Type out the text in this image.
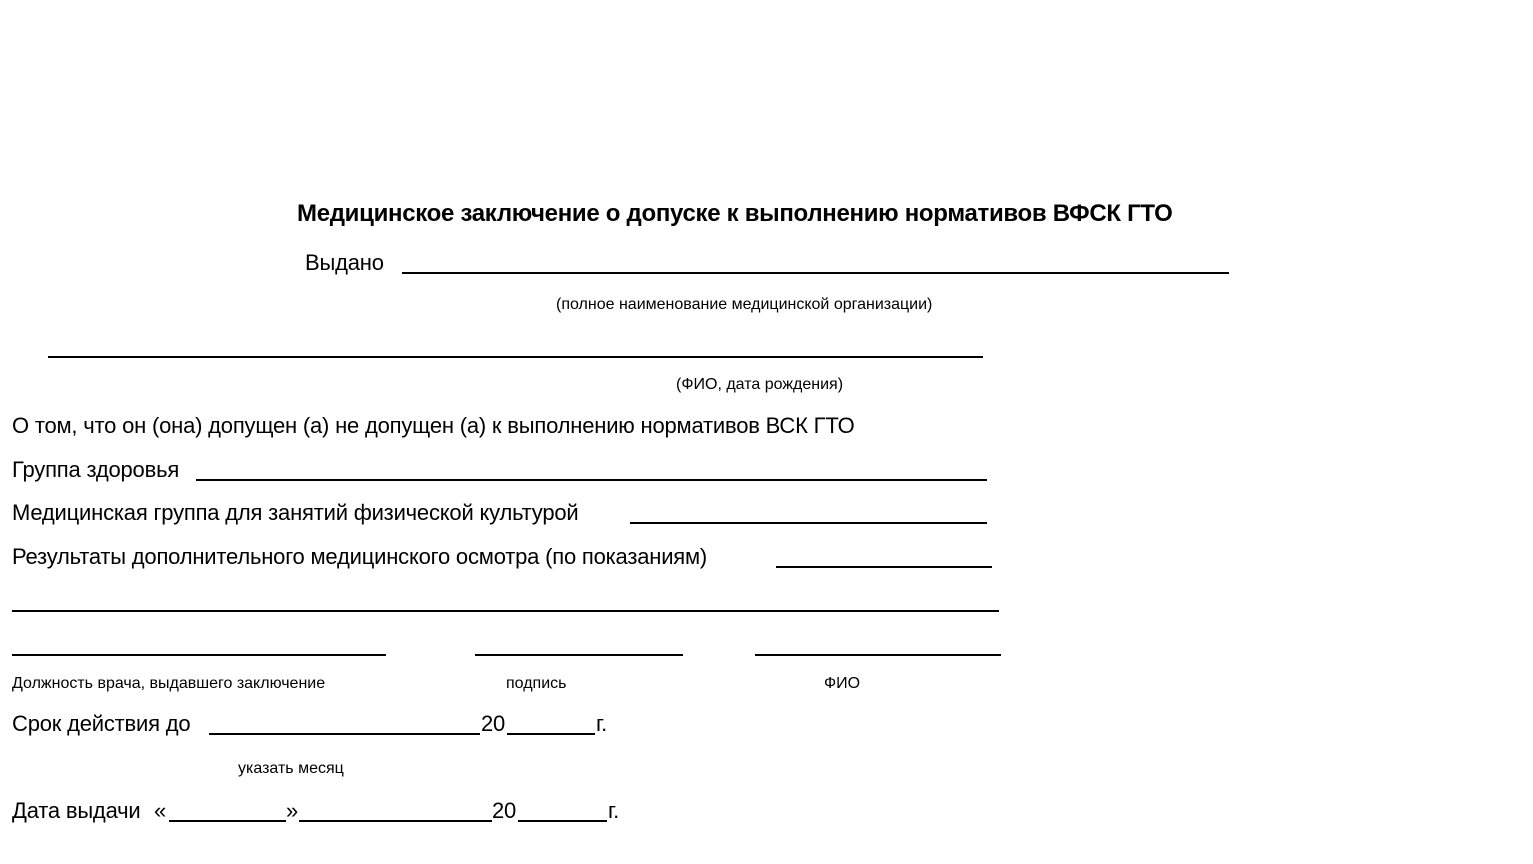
Медицинское заключение о допуске к выполнению нормативов ВФСК ГТО
Выдано
(полное наименование медицинской организации)
(ФИО, дата рождения)
О том, что он (она) допущен (а) не допущен (а) к выполнению нормативов ВСК ГТО
Группа здоровья
Медицинская группа для занятий физической культурой
Результаты дополнительного медицинского осмотра (по показаниям)
Должность врача, выдавшего заключение	подпись	ФИО
Срок действия до	20	г.
указать месяц
Дата выдачи «	»	20	г.
